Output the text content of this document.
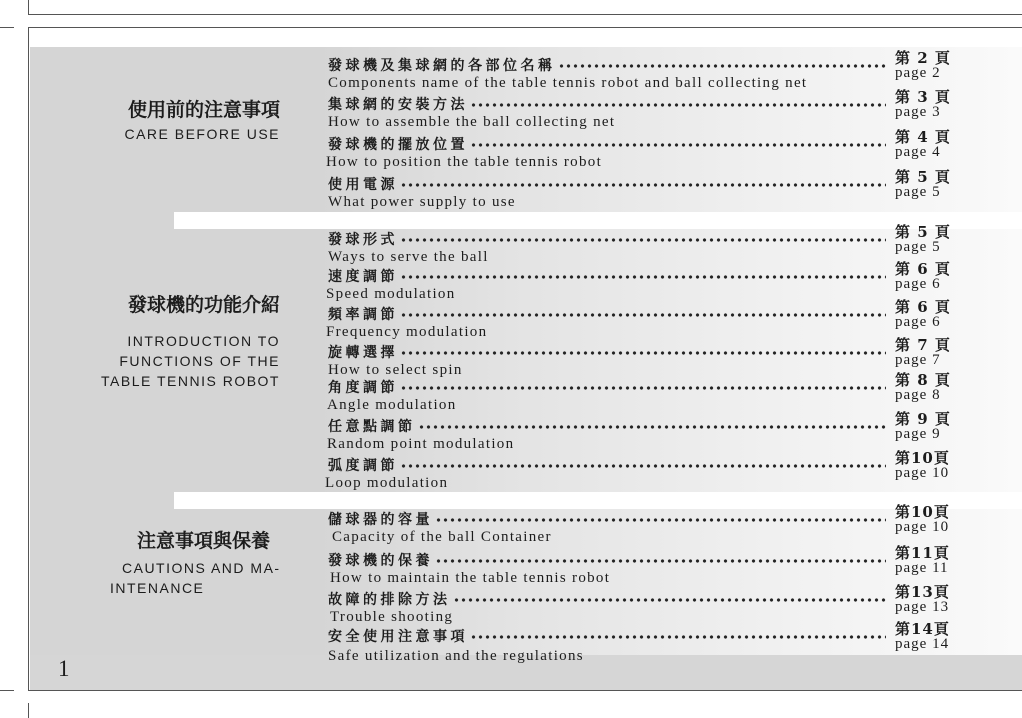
使用前的注意事項
CARE BEFORE USE
發球機的功能介紹
INTRODUCTION TO
FUNCTIONS OF THE
TABLE TENNIS ROBOT
注意事項與保養
CAUTIONS AND MA-
INTENANCE
發球機及集球網的各部位名稱
Components name of the table tennis robot and ball collecting net
第 2 頁
page 2
集球網的安裝方法
How to assemble the ball collecting net
第 3 頁
page 3
發球機的擺放位置
How to position the table tennis robot
第 4 頁
page 4
使用電源
What power supply to use
第 5 頁
page 5
發球形式
Ways to serve the ball
第 5 頁
page 5
速度調節
Speed modulation
第 6 頁
page 6
頻率調節
Frequency modulation
第 6 頁
page 6
旋轉選擇
How to select spin
第 7 頁
page 7
角度調節
Angle modulation
第 8 頁
page 8
任意點調節
Random point modulation
第 9 頁
page 9
弧度調節
Loop modulation
第10頁
page 10
儲球器的容量
Capacity of the ball Container
第10頁
page 10
發球機的保養
How to maintain the table tennis robot
第11頁
page 11
故障的排除方法
Trouble shooting
第13頁
page 13
安全使用注意事項
Safe utilization and the regulations
第14頁
page 14
1
